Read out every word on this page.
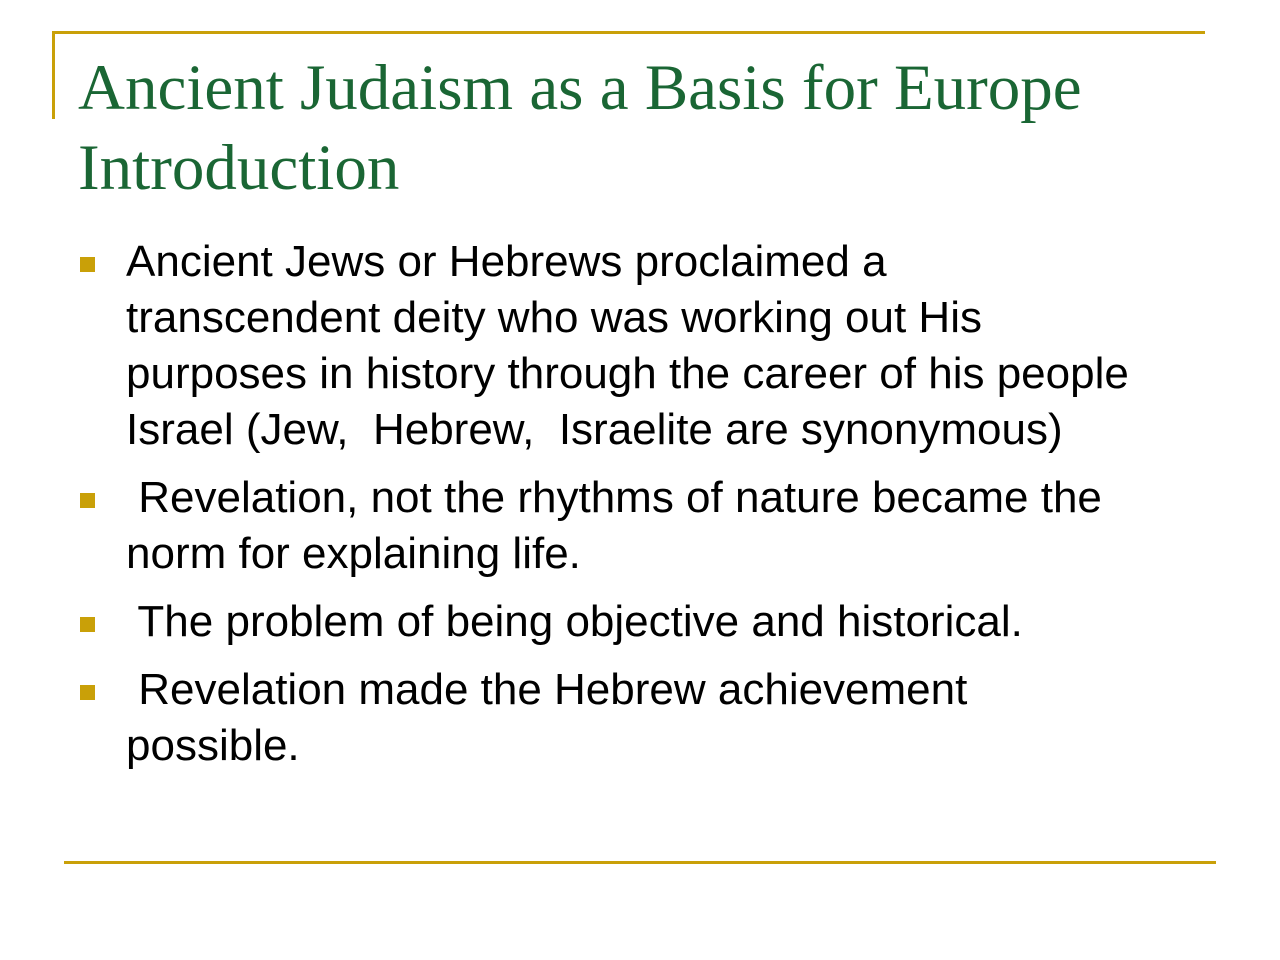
Ancient Judaism as a Basis for Europe
Introduction
Ancient Jews or Hebrews proclaimed a
transcendent deity who was working out His
purposes in history through the career of his people
Israel (Jew,  Hebrew,  Israelite are synonymous)
Revelation, not the rhythms of nature became the
norm for explaining life.
The problem of being objective and historical.
Revelation made the Hebrew achievement
possible.
